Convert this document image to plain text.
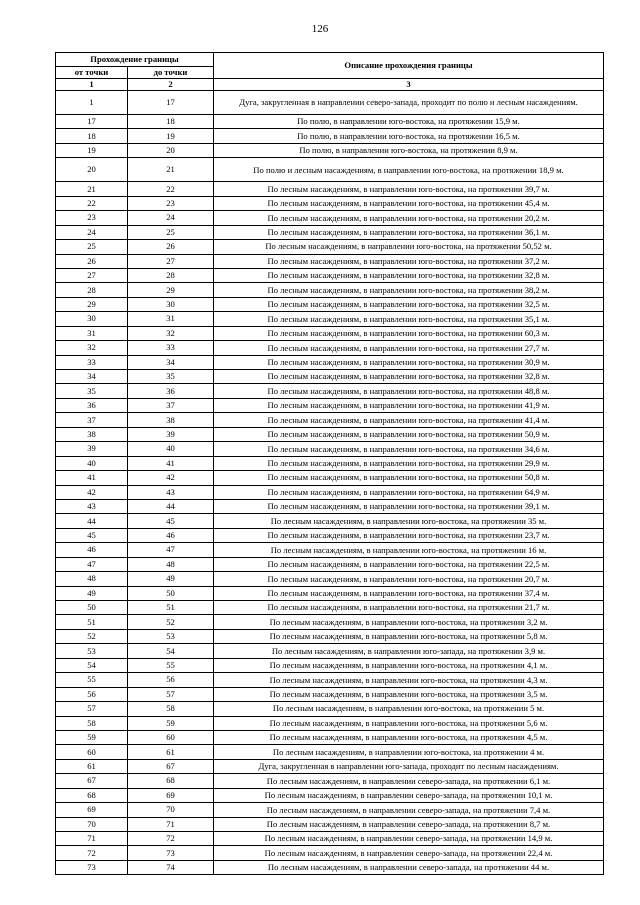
126
Прохождение границы		Описание прохождения границы
от точки	до точки	
1	2	3
1	17	Дуга, закругленная в направлении северо-запада, проходит по полю и лесным насаждениям.
17	18	По полю, в направлении юго-востока, на протяжении 15,9 м.
18	19	По полю, в направлении юго-востока, на протяжении 16,5 м.
19	20	По полю, в направлении юго-востока, на протяжении 8,9 м.
20	21	По полю и лесным насаждениям, в направлении юго-востока, на протяжении 18,9 м.
21	22	По лесным насаждениям, в направлении юго-востока, на протяжении 39,7 м.
22	23	По лесным насаждениям, в направлении юго-востока, на протяжении 45,4 м.
23	24	По лесным насаждениям, в направлении юго-востока, на протяжении 20,2 м.
24	25	По лесным насаждениям, в направлении юго-востока, на протяжении 36,1 м.
25	26	По лесным насаждениям, в направлении юго-востока, на протяжении 50,52 м.
26	27	По лесным насаждениям, в направлении юго-востока, на протяжении 37,2 м.
27	28	По лесным насаждениям, в направлении юго-востока, на протяжении 32,8 м.
28	29	По лесным насаждениям, в направлении юго-востока, на протяжении 38,2 м.
29	30	По лесным насаждениям, в направлении юго-востока, на протяжении 32,5 м.
30	31	По лесным насаждениям, в направлении юго-востока, на протяжении 35,1 м.
31	32	По лесным насаждениям, в направлении юго-востока, на протяжении 60,3 м.
32	33	По лесным насаждениям, в направлении юго-востока, на протяжении 27,7 м.
33	34	По лесным насаждениям, в направлении юго-востока, на протяжении 30,9 м.
34	35	По лесным насаждениям, в направлении юго-востока, на протяжении 32,8 м.
35	36	По лесным насаждениям, в направлении юго-востока, на протяжении 48,8 м.
36	37	По лесным насаждениям, в направлении юго-востока, на протяжении 41,9 м.
37	38	По лесным насаждениям, в направлении юго-востока, на протяжении 41,4 м.
38	39	По лесным насаждениям, в направлении юго-востока, на протяжении 50,9 м.
39	40	По лесным насаждениям, в направлении юго-востока, на протяжении 34,6 м.
40	41	По лесным насаждениям, в направлении юго-востока, на протяжении 29,9 м.
41	42	По лесным насаждениям, в направлении юго-востока, на протяжении 50,8 м.
42	43	По лесным насаждениям, в направлении юго-востока, на протяжении 64,9 м.
43	44	По лесным насаждениям, в направлении юго-востока, на протяжении 39,1 м.
44	45	По лесным насаждениям, в направлении юго-востока, на протяжении 35 м.
45	46	По лесным насаждениям, в направлении юго-востока, на протяжении 23,7 м.
46	47	По лесным насаждениям, в направлении юго-востока, на протяжении 16 м.
47	48	По лесным насаждениям, в направлении юго-востока, на протяжении 22,5 м.
48	49	По лесным насаждениям, в направлении юго-востока, на протяжении 20,7 м.
49	50	По лесным насаждениям, в направлении юго-востока, на протяжении 37,4 м.
50	51	По лесным насаждениям, в направлении юго-востока, на протяжении 21,7 м.
51	52	По лесным насаждениям, в направлении юго-востока, на протяжении 3,2 м.
52	53	По лесным насаждениям, в направлении юго-востока, на протяжении 5,8 м.
53	54	По лесным насаждениям, в направлении юго-запада, на протяжении 3,9 м.
54	55	По лесным насаждениям, в направлении юго-востока, на протяжении 4,1 м.
55	56	По лесным насаждениям, в направлении юго-востока, на протяжении 4,3 м.
56	57	По лесным насаждениям, в направлении юго-востока, на протяжении 3,5 м.
57	58	По лесным насаждениям, в направлении юго-востока, на протяжении 5 м.
58	59	По лесным насаждениям, в направлении юго-востока, на протяжении 5,6 м.
59	60	По лесным насаждениям, в направлении юго-востока, на протяжении 4,5 м.
60	61	По лесным насаждениям, в направлении юго-востока, на протяжении 4 м.
61	67	Дуга, закругленная в направлении юго-запада, проходит по лесным насаждениям.
67	68	По лесным насаждениям, в направлении северо-запада, на протяжении 6,1 м.
68	69	По лесным насаждениям, в направлении северо-запада, на протяжении 10,1 м.
69	70	По лесным насаждениям, в направлении северо-запада, на протяжении 7,4 м.
70	71	По лесным насаждениям, в направлении северо-запада, на протяжении 8,7 м.
71	72	По лесным насаждениям, в направлении северо-запада, на протяжении 14,9 м.
72	73	По лесным насаждениям, в направлении северо-запада, на протяжении 22,4 м.
73	74	По лесным насаждениям, в направлении северо-запада, на протяжении 44 м.
